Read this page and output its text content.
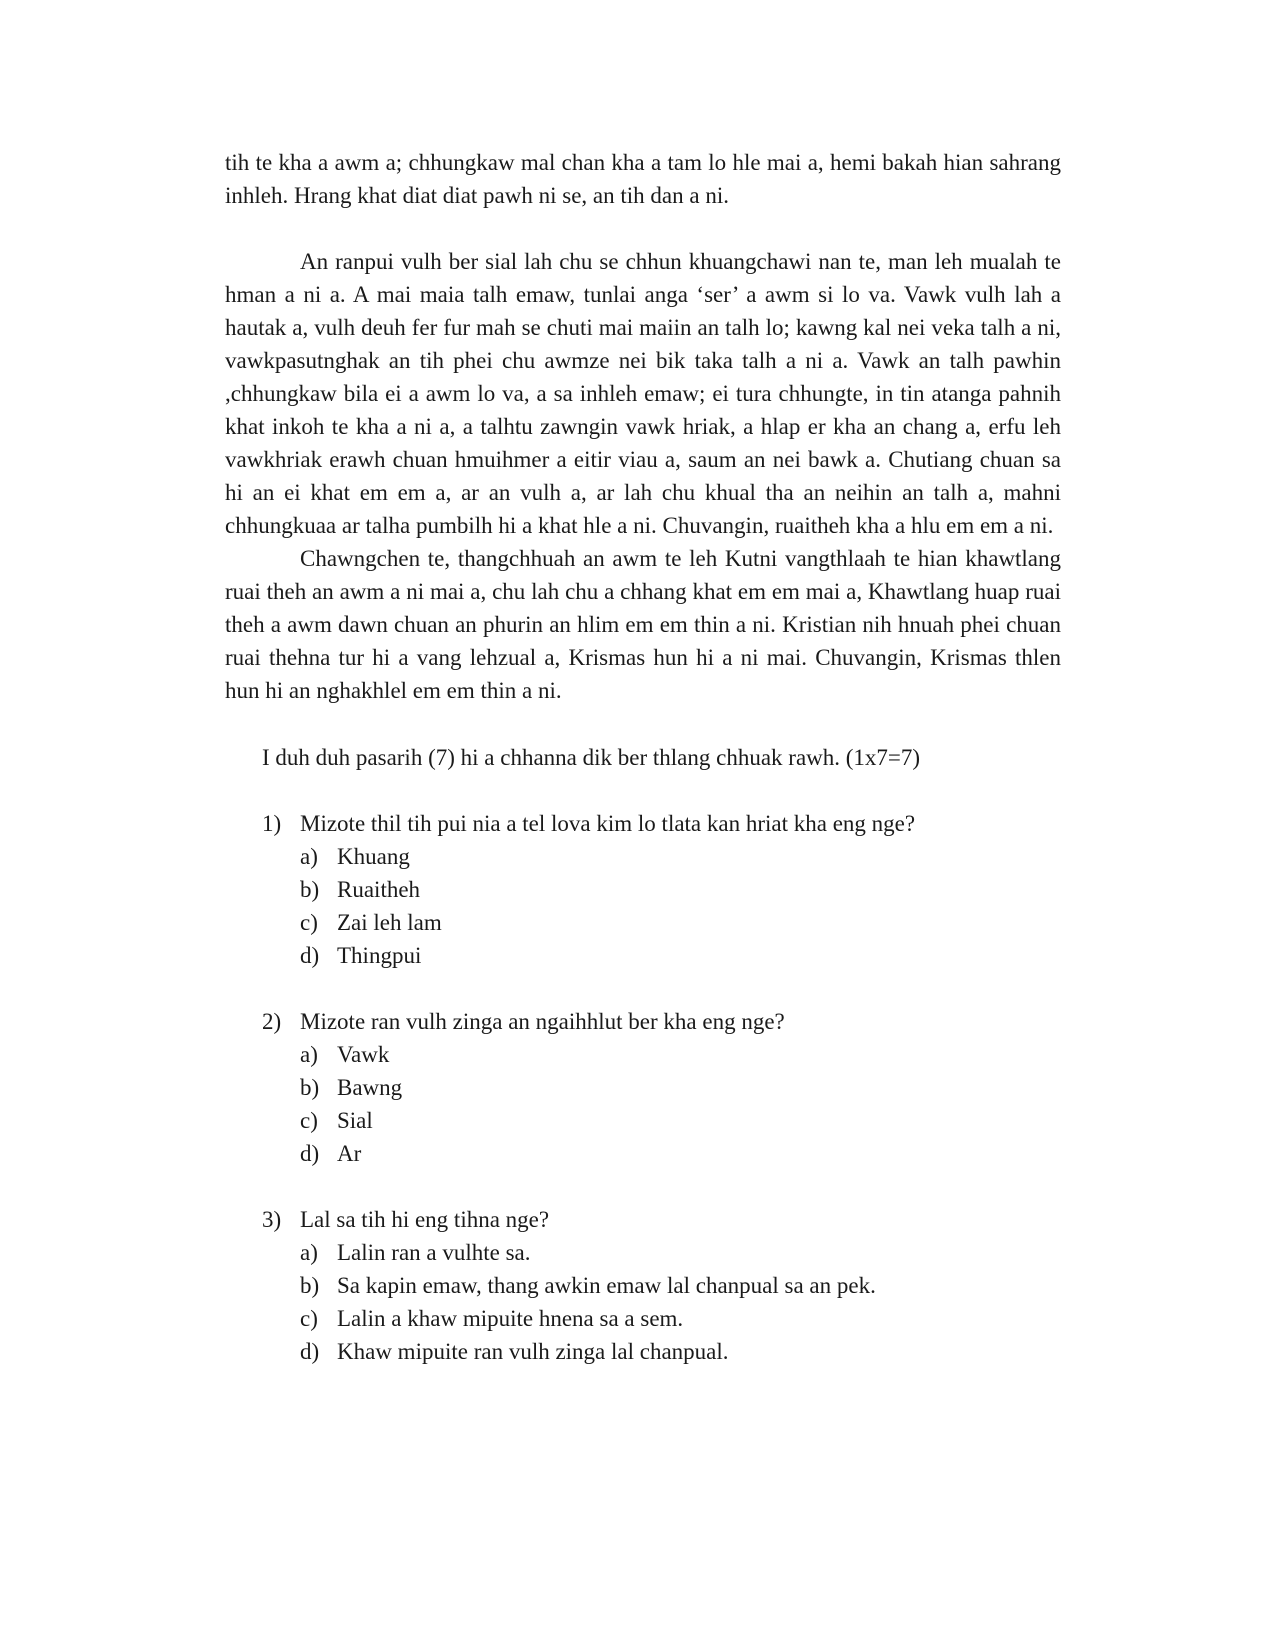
tih te kha a awm a; chhungkaw mal chan kha a tam lo hle mai a, hemi bakah hian sahrang inhleh. Hrang khat diat diat pawh ni se, an tih dan a ni.

An ranpui vulh ber sial lah chu se chhun khuangchawi nan te, man leh mualah te hman a ni a. A mai maia talh emaw, tunlai anga ‘ser’ a awm si lo va. Vawk vulh lah a hautak a, vulh deuh fer fur mah se chuti mai maiin an talh lo; kawng kal nei veka talh a ni, vawkpasutnghak an tih phei chu awmze nei bik taka talh a ni a. Vawk an talh pawhin ,chhungkaw bila ei a awm lo va, a sa inhleh emaw; ei tura chhungte, in tin atanga pahnih khat inkoh te kha a ni a, a talhtu zawngin vawk hriak, a hlap er kha an chang a, erfu leh vawkhriak erawh chuan hmuihmer a eitir viau a, saum an nei bawk a. Chutiang chuan sa hi an ei khat em em a, ar an vulh a, ar lah chu khual tha an neihin an talh a, mahni chhungkuaa ar talha pumbilh hi a khat hle a ni. Chuvangin, ruaitheh kha a hlu em em a ni.

Chawngchen te, thangchhuah an awm te leh Kutni vangthlaah te hian khawtlang ruai theh an awm a ni mai a, chu lah chu a chhang khat em em mai a, Khawtlang huap ruai theh a awm dawn chuan an phurin an hlim em em thin a ni. Kristian nih hnuah phei chuan ruai thehna tur hi a vang lehzual a, Krismas hun hi a ni mai. Chuvangin, Krismas thlen hun hi an nghakhlel em em thin a ni.

I duh duh pasarih (7) hi a chhanna dik ber thlang chhuak rawh. (1x7=7)

1) Mizote thil tih pui nia a tel lova kim lo tlata kan hriat kha eng nge?
a) Khuang
b) Ruaitheh
c) Zai leh lam
d) Thingpui
2) Mizote ran vulh zinga an ngaihhlut ber kha eng nge?
a) Vawk
b) Bawng
c) Sial
d) Ar
3) Lal sa tih hi eng tihna nge?
a) Lalin ran a vulhte sa.
b) Sa kapin emaw, thang awkin emaw lal chanpual sa an pek.
c) Lalin a khaw mipuite hnena sa a sem.
d) Khaw mipuite ran vulh zinga lal chanpual.
